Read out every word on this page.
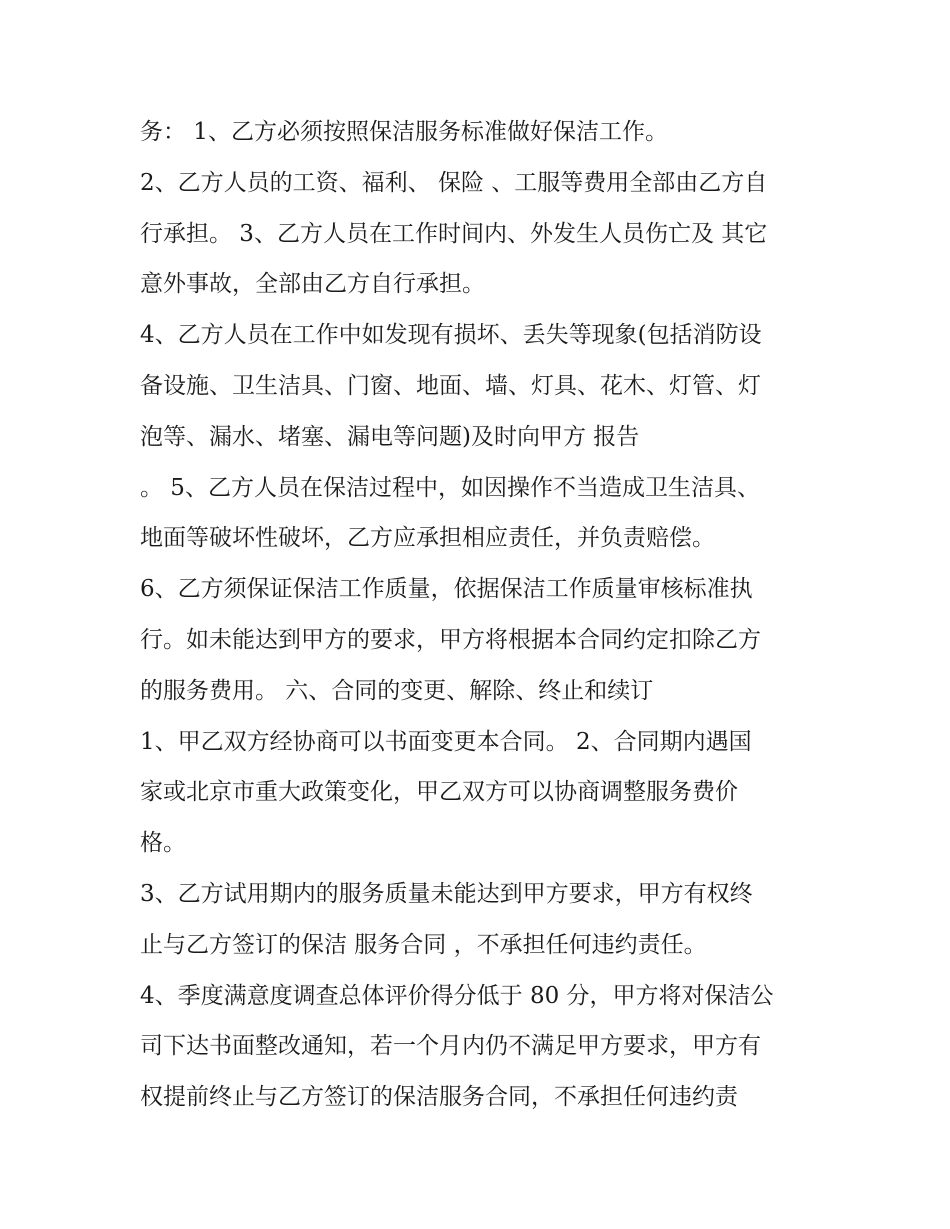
务： 1、乙方必须按照保洁服务标准做好保洁工作。
2、乙方人员的工资、福利、 保险 、工服等费用全部由乙方自
行承担。 3、乙方人员在工作时间内、外发生人员伤亡及 其它
意外事故，全部由乙方自行承担。
4、乙方人员在工作中如发现有损坏、丢失等现象(包括消防设
备设施、卫生洁具、门窗、地面、墙、灯具、花木、灯管、灯
泡等、漏水、堵塞、漏电等问题)及时向甲方 报告
。 5、乙方人员在保洁过程中，如因操作不当造成卫生洁具、
地面等破坏性破坏，乙方应承担相应责任，并负责赔偿。
6、乙方须保证保洁工作质量，依据保洁工作质量审核标准执
行。如未能达到甲方的要求，甲方将根据本合同约定扣除乙方
的服务费用。 六、合同的变更、解除、终止和续订
1、甲乙双方经协商可以书面变更本合同。 2、合同期内遇国
家或北京市重大政策变化，甲乙双方可以协商调整服务费价
格。
3、乙方试用期内的服务质量未能达到甲方要求，甲方有权终
止与乙方签订的保洁 服务合同 ，不承担任何违约责任。
4、季度满意度调查总体评价得分低于 80 分，甲方将对保洁公
司下达书面整改通知，若一个月内仍不满足甲方要求，甲方有
权提前终止与乙方签订的保洁服务合同，不承担任何违约责
